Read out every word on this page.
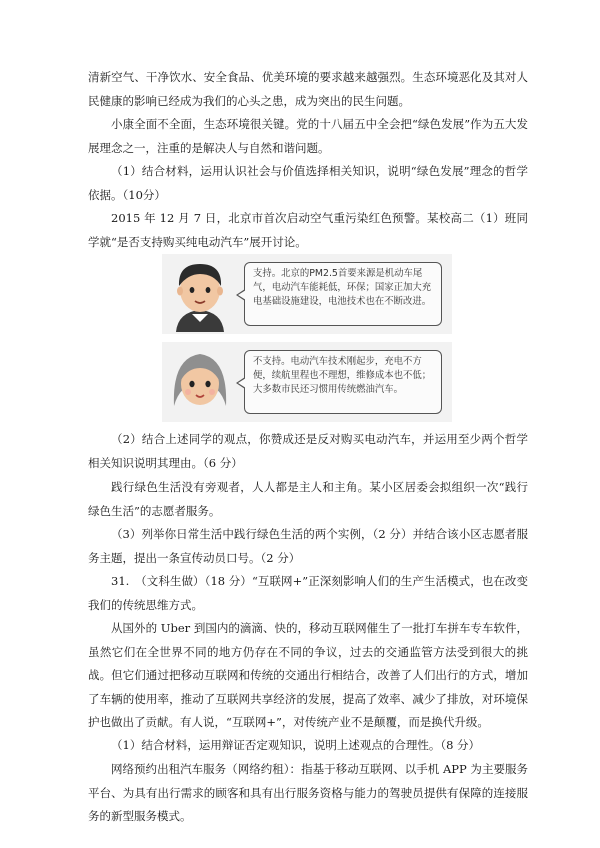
清新空气、干净饮水、安全食品、优美环境的要求越来越强烈。生态环境恶化及其对人民健康的影响已经成为我们的心头之患，成为突出的民生问题。

小康全面不全面，生态环境很关键。党的十八届五中全会把“绿色发展”作为五大发展理念之一，注重的是解决人与自然和谐问题。

（1）结合材料，运用认识社会与价值选择相关知识，说明“绿色发展”理念的哲学依据。（10分）

2015 年 12 月 7 日，北京市首次启动空气重污染红色预警。某校高二（1）班同学就“是否支持购买纯电动汽车”展开讨论。

支持。北京的PM2.5首要来源是机动车尾气，电动汽车能耗低，环保；国家正加大充电基础设施建设，电池技术也在不断改进。
不支持。电动汽车技术刚起步，充电不方便，续航里程也不理想，维修成本也不低；大多数市民还习惯用传统燃油汽车。

（2）结合上述同学的观点，你赞成还是反对购买电动汽车，并运用至少两个哲学相关知识说明其理由。（6 分）

践行绿色生活没有旁观者，人人都是主人和主角。某小区居委会拟组织一次“践行绿色生活”的志愿者服务。

（3）列举你日常生活中践行绿色生活的两个实例，（2 分）并结合该小区志愿者服务主题，提出一条宣传动员口号。（2 分）

31.　（文科生做）（18 分）“互联网+”正深刻影响人们的生产生活模式，也在改变我们的传统思维方式。

从国外的 Uber 到国内的滴滴、快的，移动互联网催生了一批打车拼车专车软件，虽然它们在全世界不同的地方仍存在不同的争议，过去的交通监管方法受到很大的挑战。但它们通过把移动互联网和传统的交通出行相结合，改善了人们出行的方式，增加了车辆的使用率，推动了互联网共享经济的发展，提高了效率、减少了排放，对环境保护也做出了贡献。有人说，“互联网+”，对传统产业不是颠覆，而是换代升级。

（1）结合材料，运用辩证否定观知识，说明上述观点的合理性。（8 分）

网络预约出租汽车服务（网络约租）：指基于移动互联网、以手机 APP 为主要服务平台、为具有出行需求的顾客和具有出行服务资格与能力的驾驶员提供有保障的连接服务的新型服务模式。
